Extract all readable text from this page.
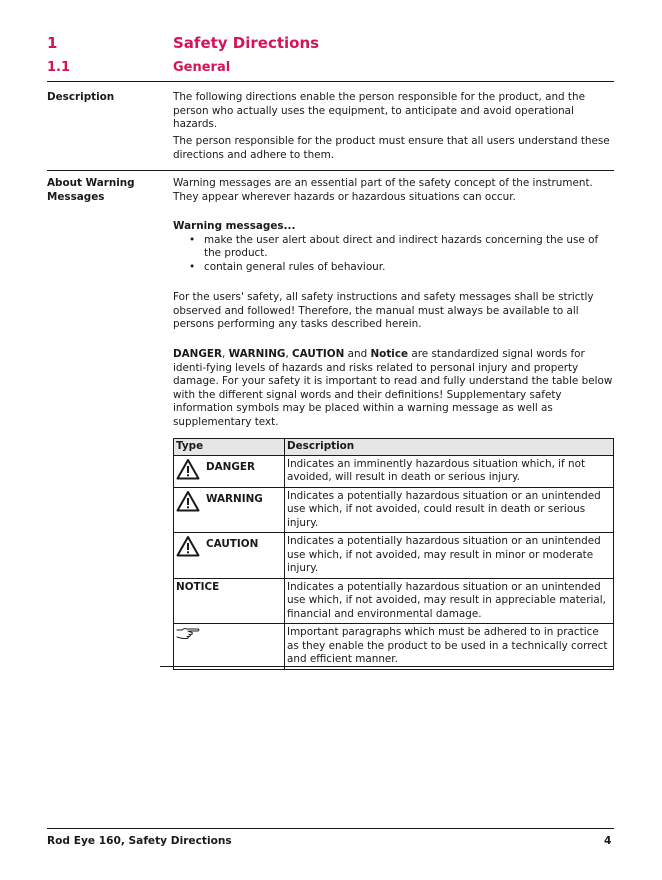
1	Safety Directions
1.1	General
Description	The following directions enable the person responsible for the product, and the person who actually uses the equipment, to anticipate and avoid operational hazards.
The person responsible for the product must ensure that all users understand these directions and adhere to them.
About Warning Messages
Warning messages are an essential part of the safety concept of the instrument. They appear wherever hazards or hazardous situations can occur.
Warning messages...
• make the user alert about direct and indirect hazards concerning the use of the product.
• contain general rules of behaviour.
For the users' safety, all safety instructions and safety messages shall be strictly observed and followed! Therefore, the manual must always be available to all persons performing any tasks described herein.
DANGER, WARNING, CAUTION and Notice are standardized signal words for identi-fying levels of hazards and risks related to personal injury and property damage. For your safety it is important to read and fully understand the table below with the different signal words and their definitions! Supplementary safety information symbols may be placed within a warning message as well as supplementary text.
Type	Description

DANGER	Indicates an imminently hazardous situation which, if not avoided, will result in death or serious injury.

WARNING	Indicates a potentially hazardous situation or an unintended use which, if not avoided, could result in death or serious injury.

CAUTION	Indicates a potentially hazardous situation or an unintended use which, if not avoided, may result in minor or moderate injury.
NOTICE	Indicates a potentially hazardous situation or an unintended use which, if not avoided, may result in appreciable material, financial and environmental damage.
	Important paragraphs which must be adhered to in practice as they enable the product to be used in a technically correct and efficient manner.
Rod Eye 160, Safety Directions	4
